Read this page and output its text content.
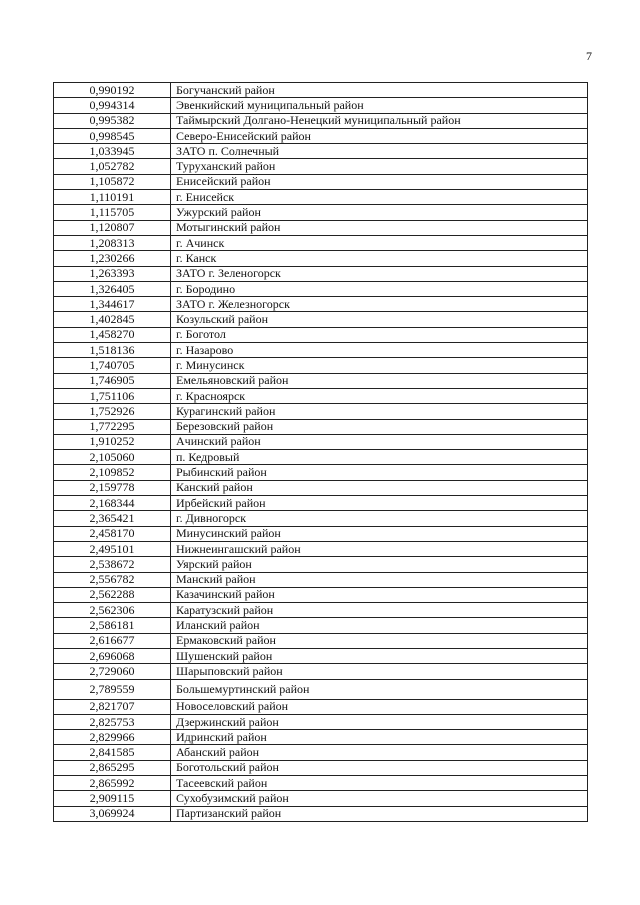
7
0,990192	Богучанский район
0,994314	Эвенкийский муниципальный район
0,995382	Таймырский Долгано-Ненецкий муниципальный район
0,998545	Северо-Енисейский район
1,033945	ЗАТО п. Солнечный
1,052782	Туруханский район
1,105872	Енисейский район
1,110191	г. Енисейск
1,115705	Ужурский район
1,120807	Мотыгинский район
1,208313	г. Ачинск
1,230266	г. Канск
1,263393	ЗАТО г. Зеленогорск
1,326405	г. Бородино
1,344617	ЗАТО г. Железногорск
1,402845	Козульский район
1,458270	г. Боготол
1,518136	г. Назарово
1,740705	г. Минусинск
1,746905	Емельяновский район
1,751106	г. Красноярск
1,752926	Курагинский район
1,772295	Березовский район
1,910252	Ачинский район
2,105060	п. Кедровый
2,109852	Рыбинский район
2,159778	Канский район
2,168344	Ирбейский район
2,365421	г. Дивногорск
2,458170	Минусинский район
2,495101	Нижнеингашский район
2,538672	Уярский район
2,556782	Манский район
2,562288	Казачинский район
2,562306	Каратузский район
2,586181	Иланский район
2,616677	Ермаковский район
2,696068	Шушенский район
2,729060	Шарыповский район
2,789559	Большемуртинский район
2,821707	Новоселовский район
2,825753	Дзержинский район
2,829966	Идринский район
2,841585	Абанский район
2,865295	Боготольский район
2,865992	Тасеевский район
2,909115	Сухобузимский район
3,069924	Партизанский район
